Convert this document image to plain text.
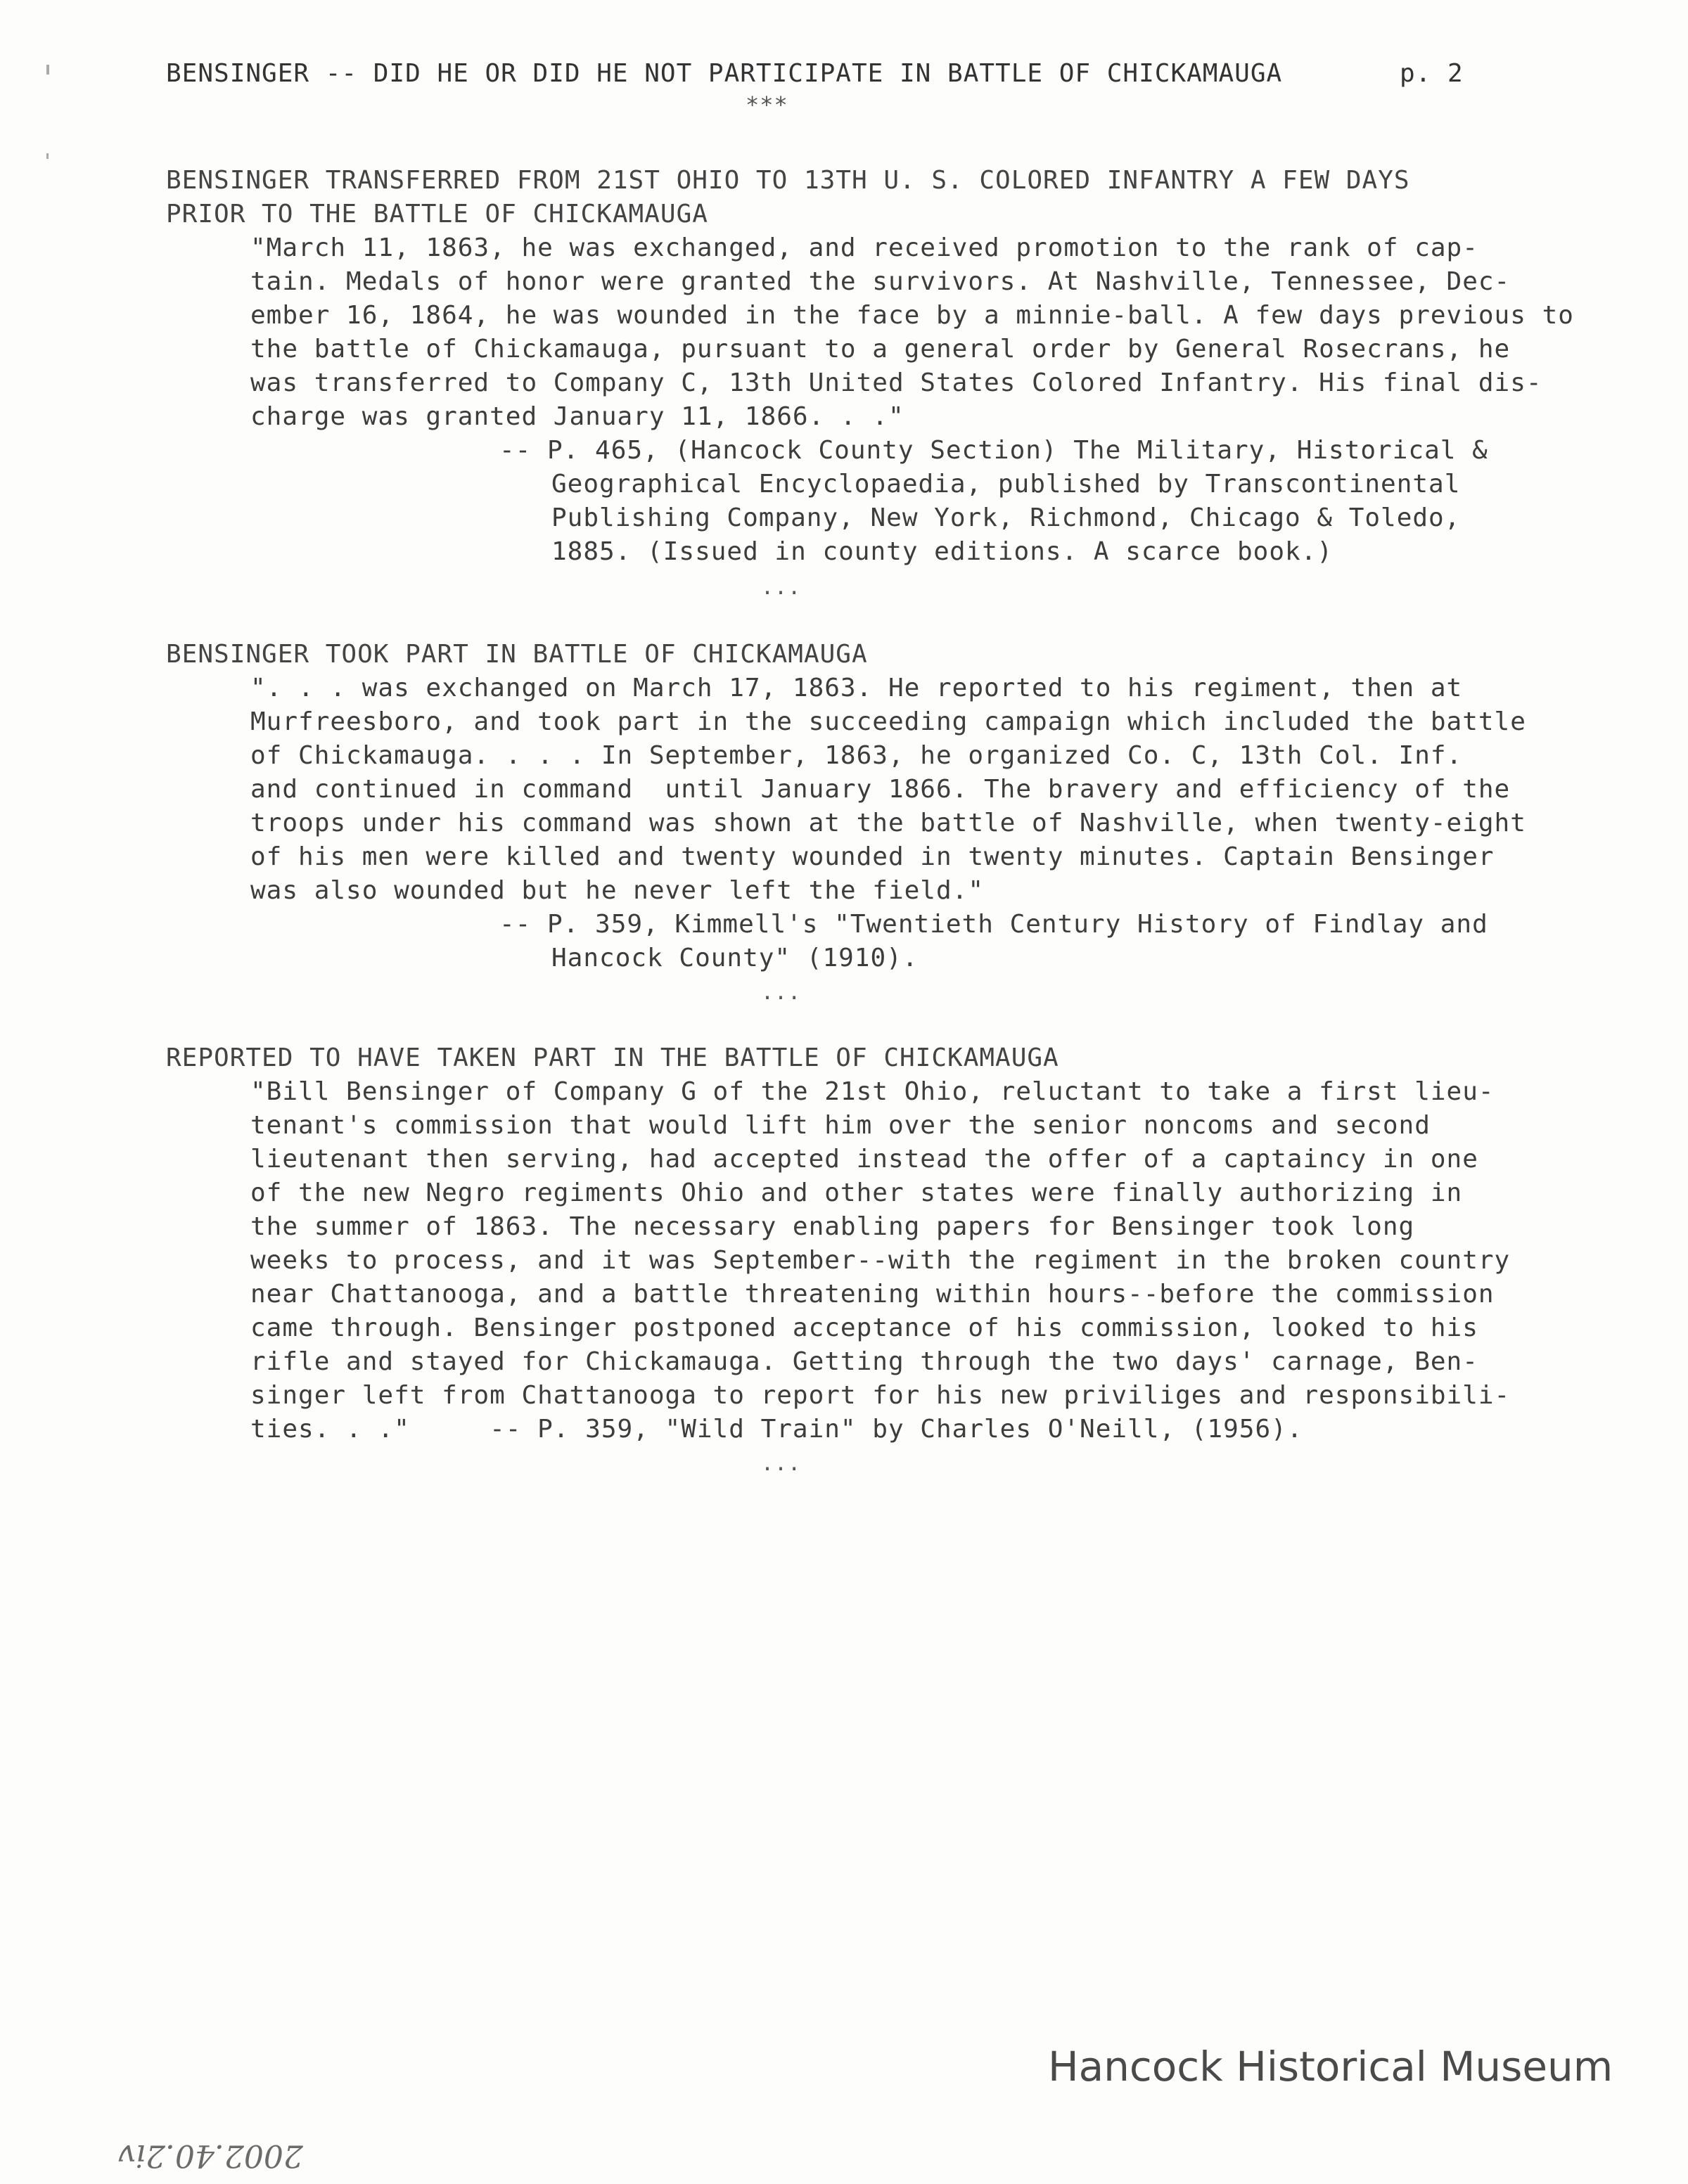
BENSINGER -- DID HE OR DID HE NOT PARTICIPATE IN BATTLE OF CHICKAMAUGA	p. 2
***
BENSINGER TRANSFERRED FROM 21ST OHIO TO 13TH U. S. COLORED INFANTRY A FEW DAYS
PRIOR TO THE BATTLE OF CHICKAMAUGA
"March 11, 1863, he was exchanged, and received promotion to the rank of cap-
tain. Medals of honor were granted the survivors. At Nashville, Tennessee, Dec-
ember 16, 1864, he was wounded in the face by a minnie-ball. A few days previous to
the battle of Chickamauga, pursuant to a general order by General Rosecrans, he
was transferred to Company C, 13th United States Colored Infantry. His final dis-
charge was granted January 11, 1866. . ."
-- P. 465, (Hancock County Section) The Military, Historical &
Geographical Encyclopaedia, published by Transcontinental
Publishing Company, New York, Richmond, Chicago & Toledo,
1885. (Issued in county editions. A scarce book.)
...
BENSINGER TOOK PART IN BATTLE OF CHICKAMAUGA
". . . was exchanged on March 17, 1863. He reported to his regiment, then at
Murfreesboro, and took part in the succeeding campaign which included the battle
of Chickamauga. . . . In September, 1863, he organized Co. C, 13th Col. Inf.
and continued in command  until January 1866. The bravery and efficiency of the
troops under his command was shown at the battle of Nashville, when twenty-eight
of his men were killed and twenty wounded in twenty minutes. Captain Bensinger
was also wounded but he never left the field."
-- P. 359, Kimmell's "Twentieth Century History of Findlay and
Hancock County" (1910).
...
REPORTED TO HAVE TAKEN PART IN THE BATTLE OF CHICKAMAUGA
"Bill Bensinger of Company G of the 21st Ohio, reluctant to take a first lieu-
tenant's commission that would lift him over the senior noncoms and second
lieutenant then serving, had accepted instead the offer of a captaincy in one
of the new Negro regiments Ohio and other states were finally authorizing in
the summer of 1863. The necessary enabling papers for Bensinger took long
weeks to process, and it was September--with the regiment in the broken country
near Chattanooga, and a battle threatening within hours--before the commission
came through. Bensinger postponed acceptance of his commission, looked to his
rifle and stayed for Chickamauga. Getting through the two days' carnage, Ben-
singer left from Chattanooga to report for his new priviliges and responsibili-
ties. . ."     -- P. 359, "Wild Train" by Charles O'Neill, (1956).
...
Hancock Historical Museum
2002.40.2iv
